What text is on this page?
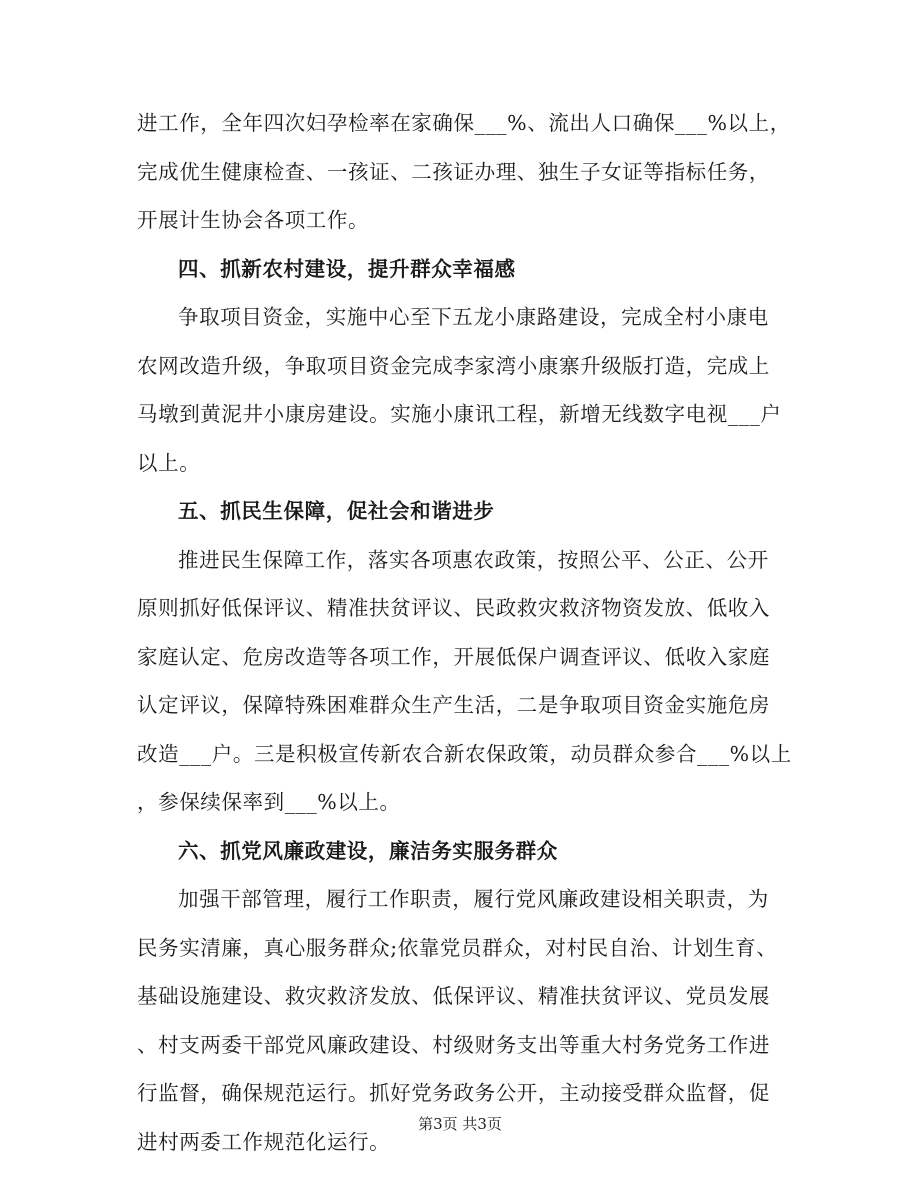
进工作，全年四次妇孕检率在家确保___%、流出人口确保___%以上，
完成优生健康检查、一孩证、二孩证办理、独生子女证等指标任务，
开展计生协会各项工作。
四、抓新农村建设，提升群众幸福感
争取项目资金，实施中心至下五龙小康路建设，完成全村小康电
农网改造升级，争取项目资金完成李家湾小康寨升级版打造，完成上
马墩到黄泥井小康房建设。实施小康讯工程，新增无线数字电视___户
以上。
五、抓民生保障，促社会和谐进步
推进民生保障工作，落实各项惠农政策，按照公平、公正、公开
原则抓好低保评议、精准扶贫评议、民政救灾救济物资发放、低收入
家庭认定、危房改造等各项工作，开展低保户调查评议、低收入家庭
认定评议，保障特殊困难群众生产生活，二是争取项目资金实施危房
改造___户。三是积极宣传新农合新农保政策，动员群众参合___%以上
，参保续保率到___%以上。
六、抓党风廉政建设，廉洁务实服务群众
加强干部管理，履行工作职责，履行党风廉政建设相关职责，为
民务实清廉，真心服务群众;依靠党员群众，对村民自治、计划生育、
基础设施建设、救灾救济发放、低保评议、精准扶贫评议、党员发展
、村支两委干部党风廉政建设、村级财务支出等重大村务党务工作进
行监督，确保规范运行。抓好党务政务公开，主动接受群众监督，促
进村两委工作规范化运行。
第3页 共3页
